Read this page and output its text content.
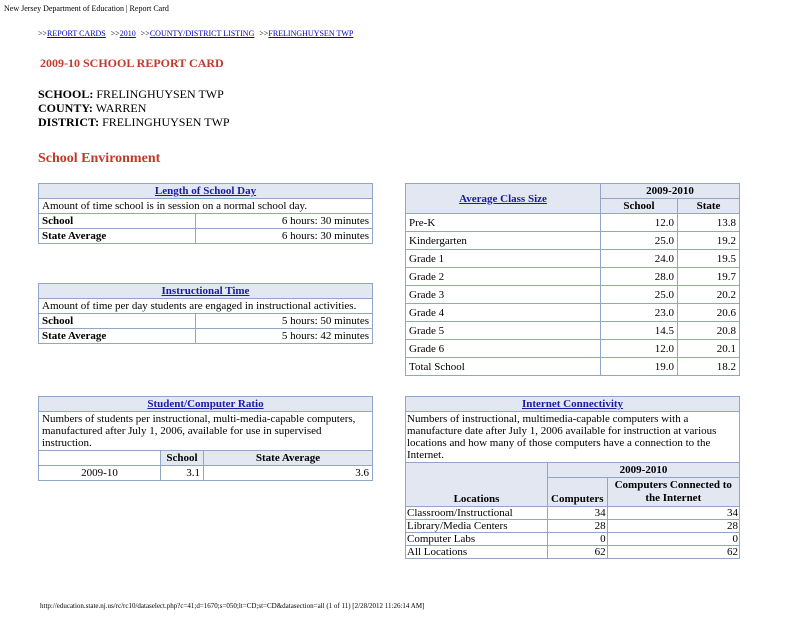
New Jersey Department of Education | Report Card
>>REPORT CARDS >>2010 >>COUNTY/DISTRICT LISTING >>FRELINGHUYSEN TWP
2009-10 SCHOOL REPORT CARD
SCHOOL: FRELINGHUYSEN TWP
COUNTY: WARREN
DISTRICT: FRELINGHUYSEN TWP
School Environment
Length of School Day	
Amount of time school is in session on a normal school day.	
School	6 hours: 30 minutes
State Average	6 hours: 30 minutes
Instructional Time	
Amount of time per day students are engaged in instructional activities.	
School	5 hours: 50 minutes
State Average	5 hours: 42 minutes
Student/Computer Ratio		
Numbers of students per instructional, multi-media-capable computers, manufactured after July 1, 2006, available for use in supervised instruction.		
	School	State Average
2009-10	3.1	3.6
Average Class Size	2009-2010	
	School	State
Pre-K	12.0	13.8
Kindergarten	25.0	19.2
Grade 1	24.0	19.5
Grade 2	28.0	19.7
Grade 3	25.0	20.2
Grade 4	23.0	20.6
Grade 5	14.5	20.8
Grade 6	12.0	20.1
Total School	19.0	18.2
Internet Connectivity		
Numbers of instructional, multimedia-capable computers with a manufacture date after July 1, 2006 available for instruction at various locations and how many of those computers have a connection to the Internet.		
Locations	2009-2010	
	Computers	Computers Connected to the Internet
Classroom/Instructional	34	34
Library/Media Centers	28	28
Computer Labs	0	0
All Locations	62	62
http://education.state.nj.us/rc/rc10/dataselect.php?c=41;d=1670;s=050;lt=CD;st=CD&datasection=all (1 of 11) [2/28/2012 11:26:14 AM]
